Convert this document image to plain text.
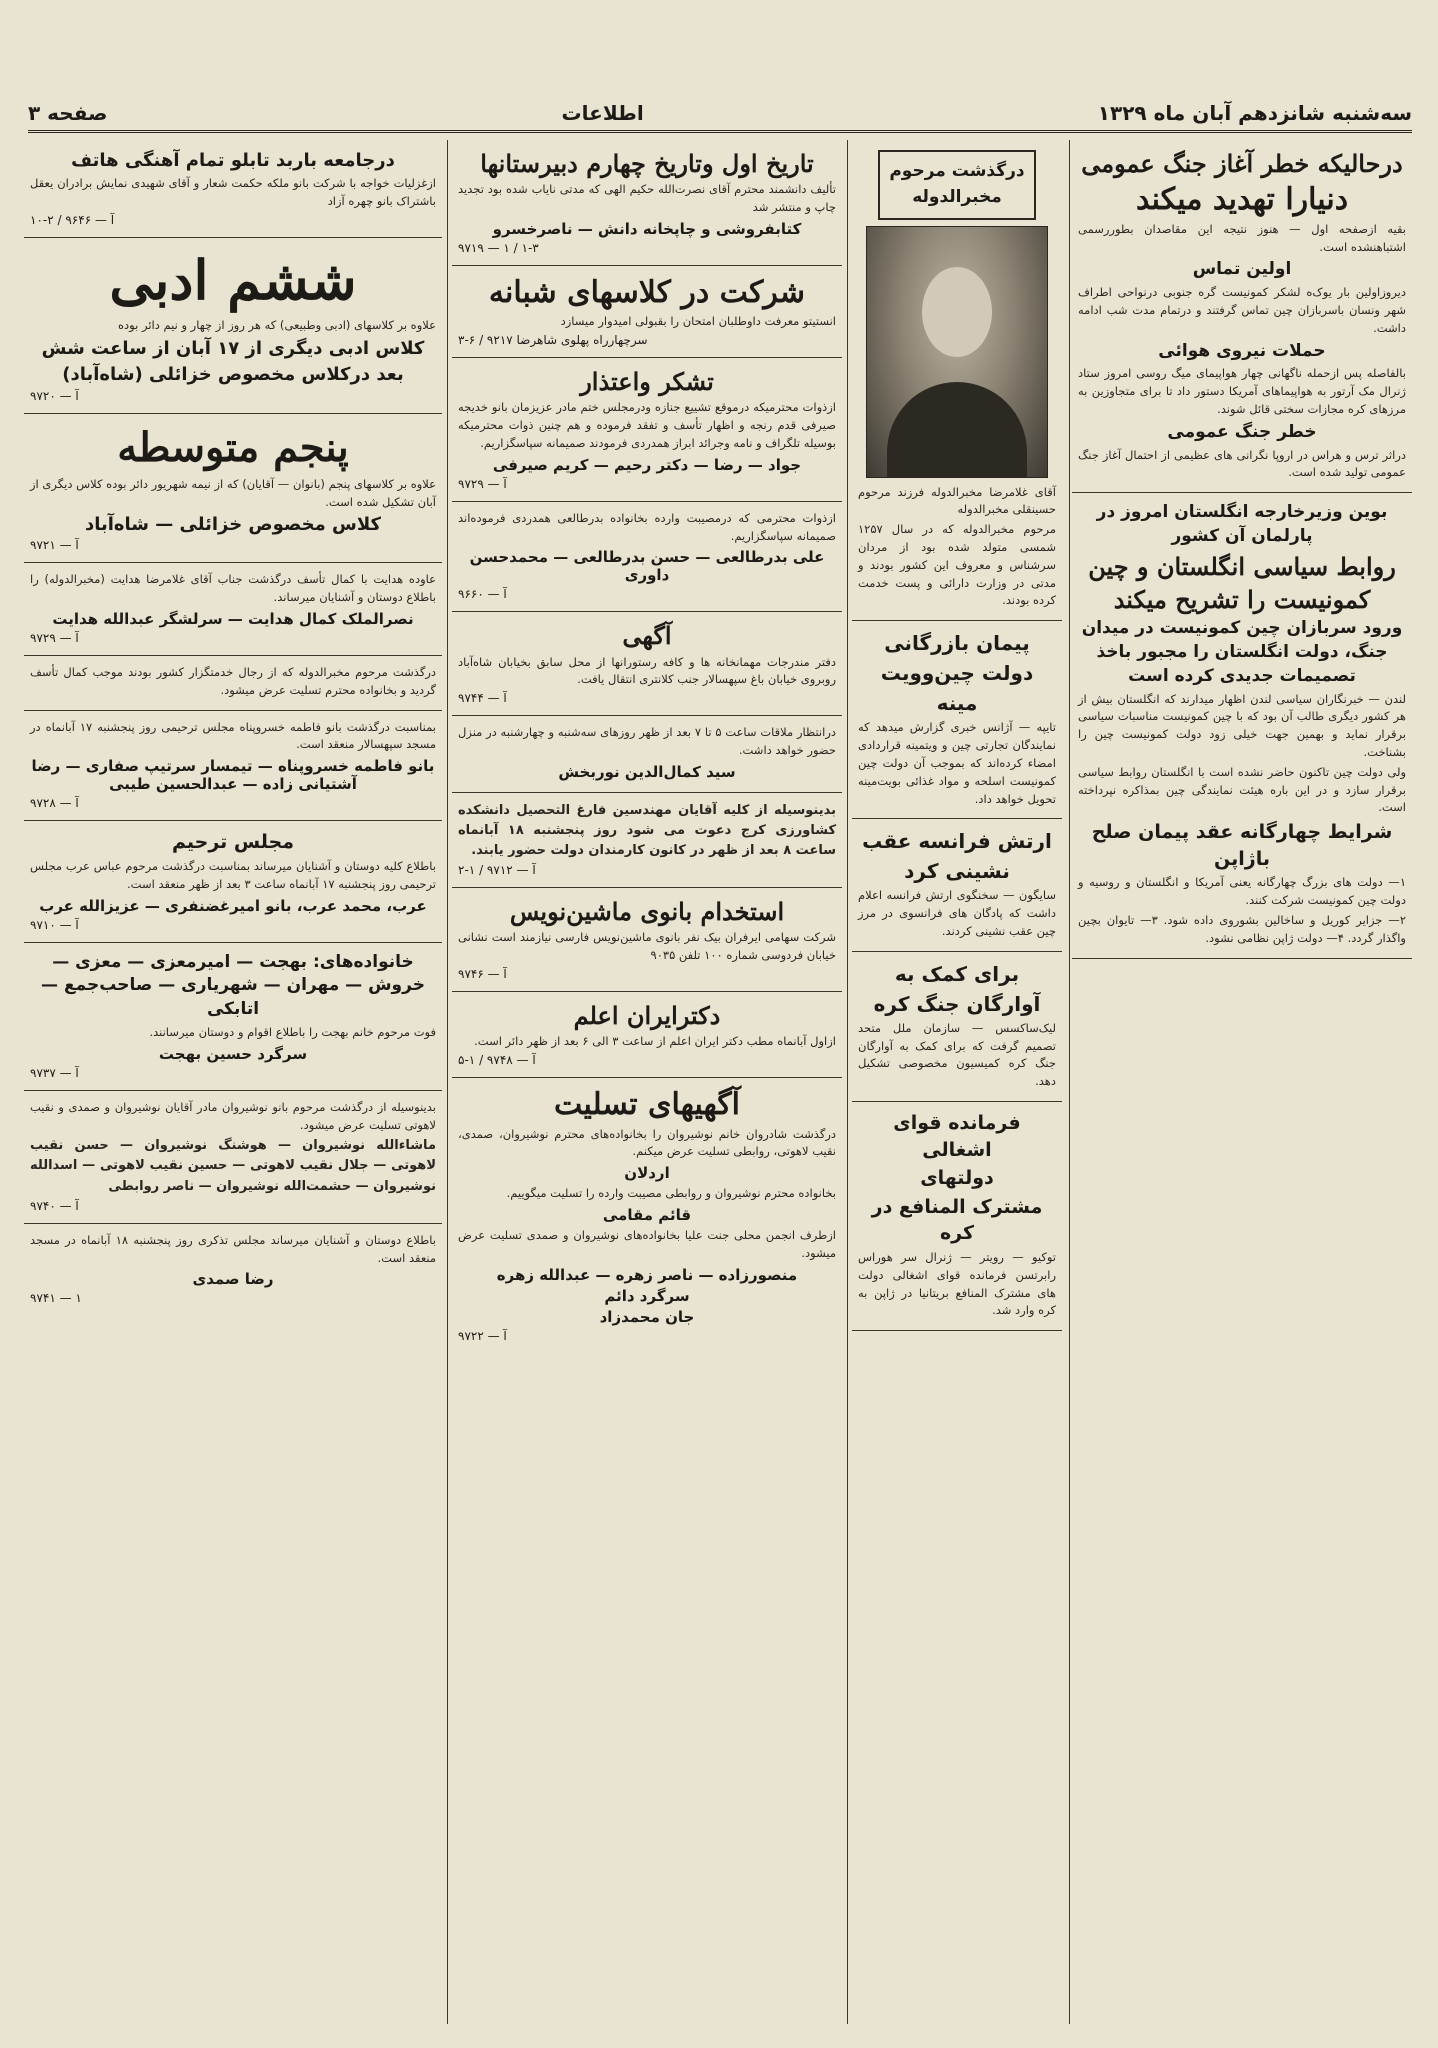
سه‌شنبه شانزدهم آبان ماه ۱۳۲۹
اطلاعات
صفحه ۳
درحالیکه خطر آغاز جنگ عمومی
دنیارا تهدید میکند
بقیه ازصفحه اول — هنوز نتیجه این مقاصدان بطوررسمی اشتباهنشده است.
اولین تماس
دیروزاولین بار یوک‌ه لشکر کمونیست گره جنوبی درنواحی اطراف شهر ونسان باسربازان چین تماس گرفتند و درتمام مدت شب ادامه داشت.
حملات نیروی هوائی
بالفاصله پس ازحمله ناگهانی چهار هواپیمای میگ روسی امروز ستاد ژنرال مک آرتور به هواپیماهای آمریکا دستور داد تا برای متجاوزین به مرزهای کره مجازات سختی قائل شوند.
خطر جنگ عمومی
دراثر ترس و هراس در اروپا نگرانی های عظیمی از احتمال آغاز جنگ عمومی تولید شده است.
بوین وزیرخارجه انگلستان امروز در پارلمان آن کشور
روابط سیاسی انگلستان و چین
کمونیست را تشریح میکند
ورود سربازان چین کمونیست در میدان جنگ، دولت انگلستان را مجبور باخذ تصمیمات جدیدی کرده است
لندن — خبرنگاران سیاسی لندن اظهار میدارند که انگلستان بیش از هر کشور دیگری طالب آن بود که با چین کمونیست مناسبات سیاسی برقرار نماید و بهمین جهت خیلی زود دولت کمونیست چین را بشناخت.
ولی دولت چین تاکنون حاضر نشده است با انگلستان روابط سیاسی برقرار سازد و در این باره هیئت نمایندگی چین بمذاکره نپرداخته است.
شرایط چهارگانه عقد پیمان صلح باژاپن
۱— دولت های بزرگ چهارگانه یعنی آمریکا و انگلستان و روسیه و دولت چین کمونیست شرکت کنند.
۲— جزایر کوریل و ساخالین بشوروی داده شود. ۳— تایوان بچین واگذار گردد. ۴— دولت ژاپن نظامی نشود.
درگذشت مرحوم
مخبرالدوله
آقای غلامرضا مخبرالدوله فرزند مرحوم حسینقلی مخبرالدوله
مرحوم مخبرالدوله که در سال ۱۲۵۷ شمسی متولد شده بود از مردان سرشناس و معروف این کشور بودند و مدتی در وزارت دارائی و پست خدمت کرده بودند.
پیمان بازرگانی
دولت چین‌وویت
مینه
تایپه — آژانس خبری گزارش میدهد که نمایندگان تجارتی چین و ویتمینه قراردادی امضاء کرده‌اند که بموجب آن دولت چین کمونیست اسلحه و مواد غذائی بویت‌مینه تحویل خواهد داد.
ارتش فرانسه عقب
نشینی کرد
سایگون — سخنگوی ارتش فرانسه اعلام داشت که پادگان های فرانسوی در مرز چین عقب نشینی کردند.
برای کمک به
آوارگان جنگ کره
لیک‌ساکسس — سازمان ملل متحد تصمیم گرفت که برای کمک به آوارگان جنگ کره کمیسیون مخصوصی تشکیل دهد.
فرمانده قوای اشغالی
دولتهای
مشترک المنافع در کره
توکیو — رویتر — ژنرال سر هوراس رابرتسن فرمانده قوای اشغالی دولت های مشترک المنافع بریتانیا در ژاپن به کره وارد شد.
تاریخ اول وتاریخ چهارم دبیرستانها
تألیف دانشمند محترم آقای نصرت‌الله حکیم الهی که مدتی نایاب شده بود تجدید چاپ و منتشر شد
کتابفروشی و چاپخانه دانش — ناصرخسرو
۹۷۱۹ — ۱ / ۱-۳
شرکت در کلاسهای شبانه
انستیتو معرفت داوطلبان امتحان را بقبولی امیدوار میسازد
سرچهارراه پهلوی شاهرضا ۹۲۱۷ / ۶-۳
تشکر واعتذار
ازذوات محترمیکه درموقع تشییع جنازه ودرمجلس ختم مادر عزیزمان بانو خدیجه صیرفی قدم رنجه و اظهار تأسف و تفقد فرموده و هم چنین ذوات محترمیکه بوسیله تلگراف و نامه وجرائد ابراز همدردی فرمودند صمیمانه سپاسگزاریم.
جواد — رضا — دکتر رحیم — کریم صیرفی
آ — ۹۷۲۹
ازذوات محترمی که درمصیبت وارده بخانواده بدرطالعی همدردی فرموده‌اند صمیمانه سپاسگزاریم.
علی بدرطالعی — حسن بدرطالعی — محمدحسن داوری
آ — ۹۶۶۰
آگهی
دفتر مندرجات مهمانخانه ها و کافه رستورانها از محل سابق بخیابان شاه‌آباد روبروی خیابان باغ سپهسالار جنب کلانتری انتقال یافت.
آ — ۹۷۴۴
درانتظار ملاقات ساعت ۵ تا ۷ بعد از ظهر روزهای سه‌شنبه و چهارشنبه در منزل حضور خواهد داشت.
سید کمال‌الدین نوربخش
بدینوسیله از کلیه آقایان مهندسین فارغ التحصیل دانشکده کشاورزی کرج دعوت می شود روز پنجشنبه ۱۸ آبانماه ساعت ۸ بعد از ظهر در کانون کارمندان دولت حضور یابند.
آ — ۹۷۱۲ / ۱-۲
استخدام بانوی ماشین‌نویس
شرکت سهامی ایرفران بیک نفر بانوی ماشین‌نویس فارسی نیازمند است نشانی خیابان فردوسی شماره ۱۰۰ تلفن ۹۰۳۵
آ — ۹۷۴۶
دکترایران اعلم
ازاول آبانماه مطب دکتر ایران اعلم از ساعت ۳ الی ۶ بعد از ظهر دائر است.
آ — ۹۷۴۸ / ۱-۵
آگهیهای تسلیت
درگذشت شادروان خانم نوشیروان را بخانواده‌های محترم نوشیروان، صمدی، نقیب لاهوتی، روابطی تسلیت عرض میکنم.
اردلان
بخانواده محترم نوشیروان و روابطی مصیبت وارده را تسلیت میگوییم.
قائم مقامی
ازطرف انجمن محلی جنت علیا بخانواده‌های نوشیروان و صمدی تسلیت عرض میشود.
منصورزاده — ناصر زهره — عبدالله زهره
سرگرد دائم
جان محمدزاد
آ — ۹۷۲۲
درجامعه باربد تابلو تمام آهنگی هاتف
ازغزلیات خواجه با شرکت بانو ملکه حکمت شعار و آقای شهیدی نمایش برادران یعقل باشتراک بانو چهره آزاد
آ — ۹۶۴۶ / ۲-۱۰
ششم ادبی
علاوه بر کلاسهای (ادبی وطبیعی) که هر روز از چهار و نیم دائر بوده
کلاس ادبی دیگری از ۱۷ آبان از ساعت شش بعد درکلاس مخصوص خزائلی (شاه‌آباد)
آ — ۹۷۲۰
پنجم متوسطه
علاوه بر کلاسهای پنجم (بانوان — آقایان) که از نیمه شهریور دائر بوده کلاس دیگری از آبان تشکیل شده است.
کلاس مخصوص خزائلی — شاه‌آباد
آ — ۹۷۲۱
عاوده هدایت با کمال تأسف درگذشت جناب آقای غلامرضا هدایت (مخبرالدوله) را باطلاع دوستان و آشنایان میرساند.
نصرالملک کمال هدایت — سرلشگر عبدالله هدایت
آ — ۹۷۲۹
درگذشت مرحوم مخبرالدوله که از رجال خدمتگزار کشور بودند موجب کمال تأسف گردید و بخانواده محترم تسلیت عرض میشود.
بمناسبت درگذشت بانو فاطمه خسروپناه مجلس ترحیمی روز پنجشنبه ۱۷ آبانماه در مسجد سپهسالار منعقد است.
بانو فاطمه خسروپناه — تیمسار سرتیپ صفاری — رضا آشتیانی زاده — عبدالحسین طیبی
آ — ۹۷۲۸
مجلس ترحیم
باطلاع کلیه دوستان و آشنایان میرساند بمناسبت درگذشت مرحوم عباس عرب مجلس ترحیمی روز پنجشنبه ۱۷ آبانماه ساعت ۳ بعد از ظهر منعقد است.
عرب، محمد عرب، بانو امیرغضنفری — عزیزالله عرب
آ — ۹۷۱۰
خانواده‌های: بهجت — امیرمعزی — معزی — خروش — مهران — شهریاری — صاحب‌جمع — اتابکی
فوت مرحوم خانم بهجت را باطلاع اقوام و دوستان میرسانند.
سرگرد حسین بهجت
آ — ۹۷۳۷
بدینوسیله از درگذشت مرحوم بانو نوشیروان مادر آقایان نوشیروان و صمدی و نقیب لاهوتی تسلیت عرض میشود.
ماشاءالله نوشیروان — هوشنگ نوشیروان — حسن نقیب لاهوتی — جلال نقیب لاهوتی — حسین نقیب لاهوتی — اسدالله نوشیروان — حشمت‌الله نوشیروان — ناصر روابطی
آ — ۹۷۴۰
باطلاع دوستان و آشنایان میرساند مجلس تذکری روز پنجشنبه ۱۸ آبانماه در مسجد منعقد است.
رضا صمدی
۹۷۴۱ — ۱
